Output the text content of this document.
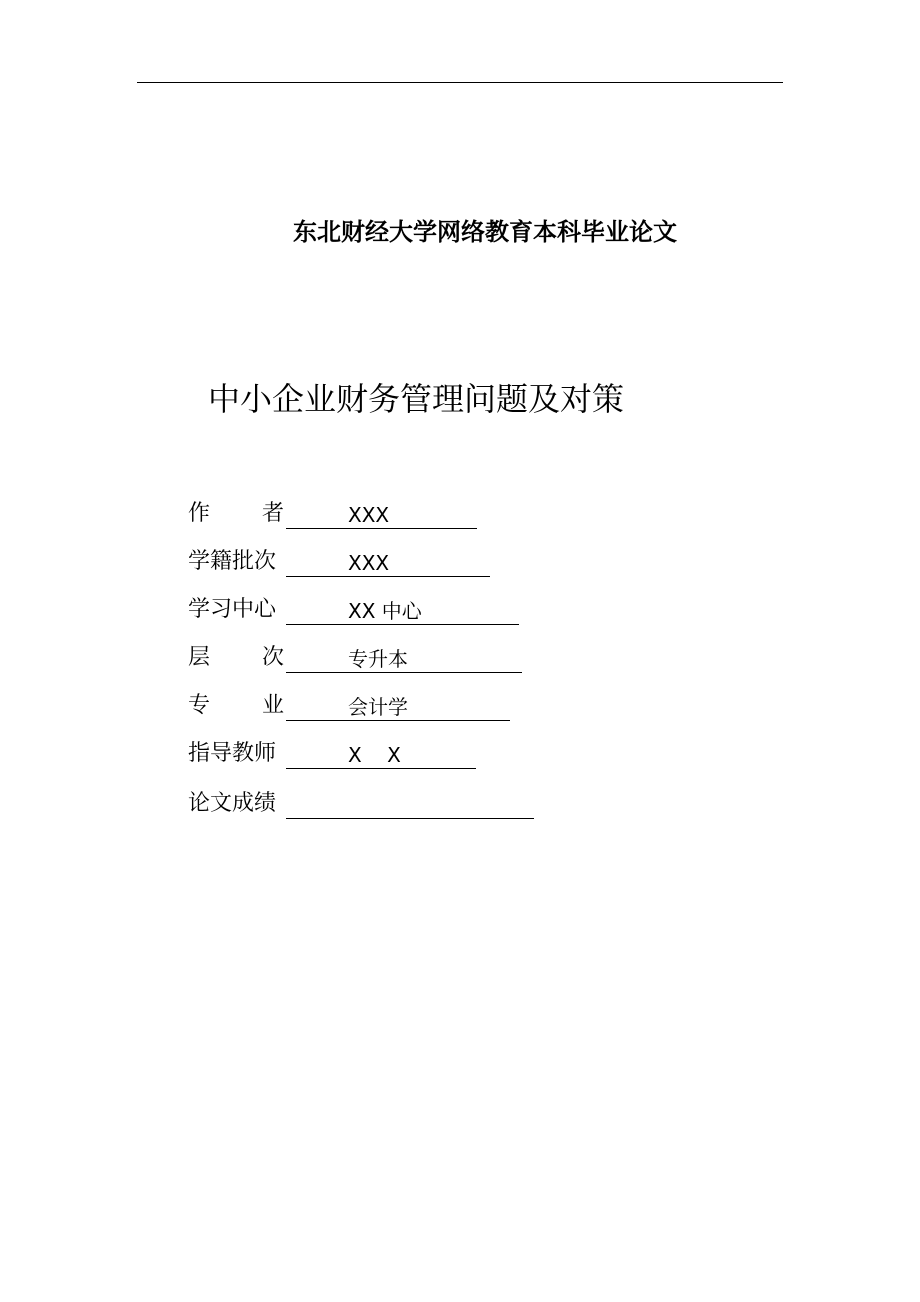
东北财经大学网络教育本科毕业论文
中小企业财务管理问题及对策
作 者	XXX
学籍批次	XXX
学习中心	XX 中心
层 次	专升本
专 业	会计学
指导教师	X    X
论文成绩
